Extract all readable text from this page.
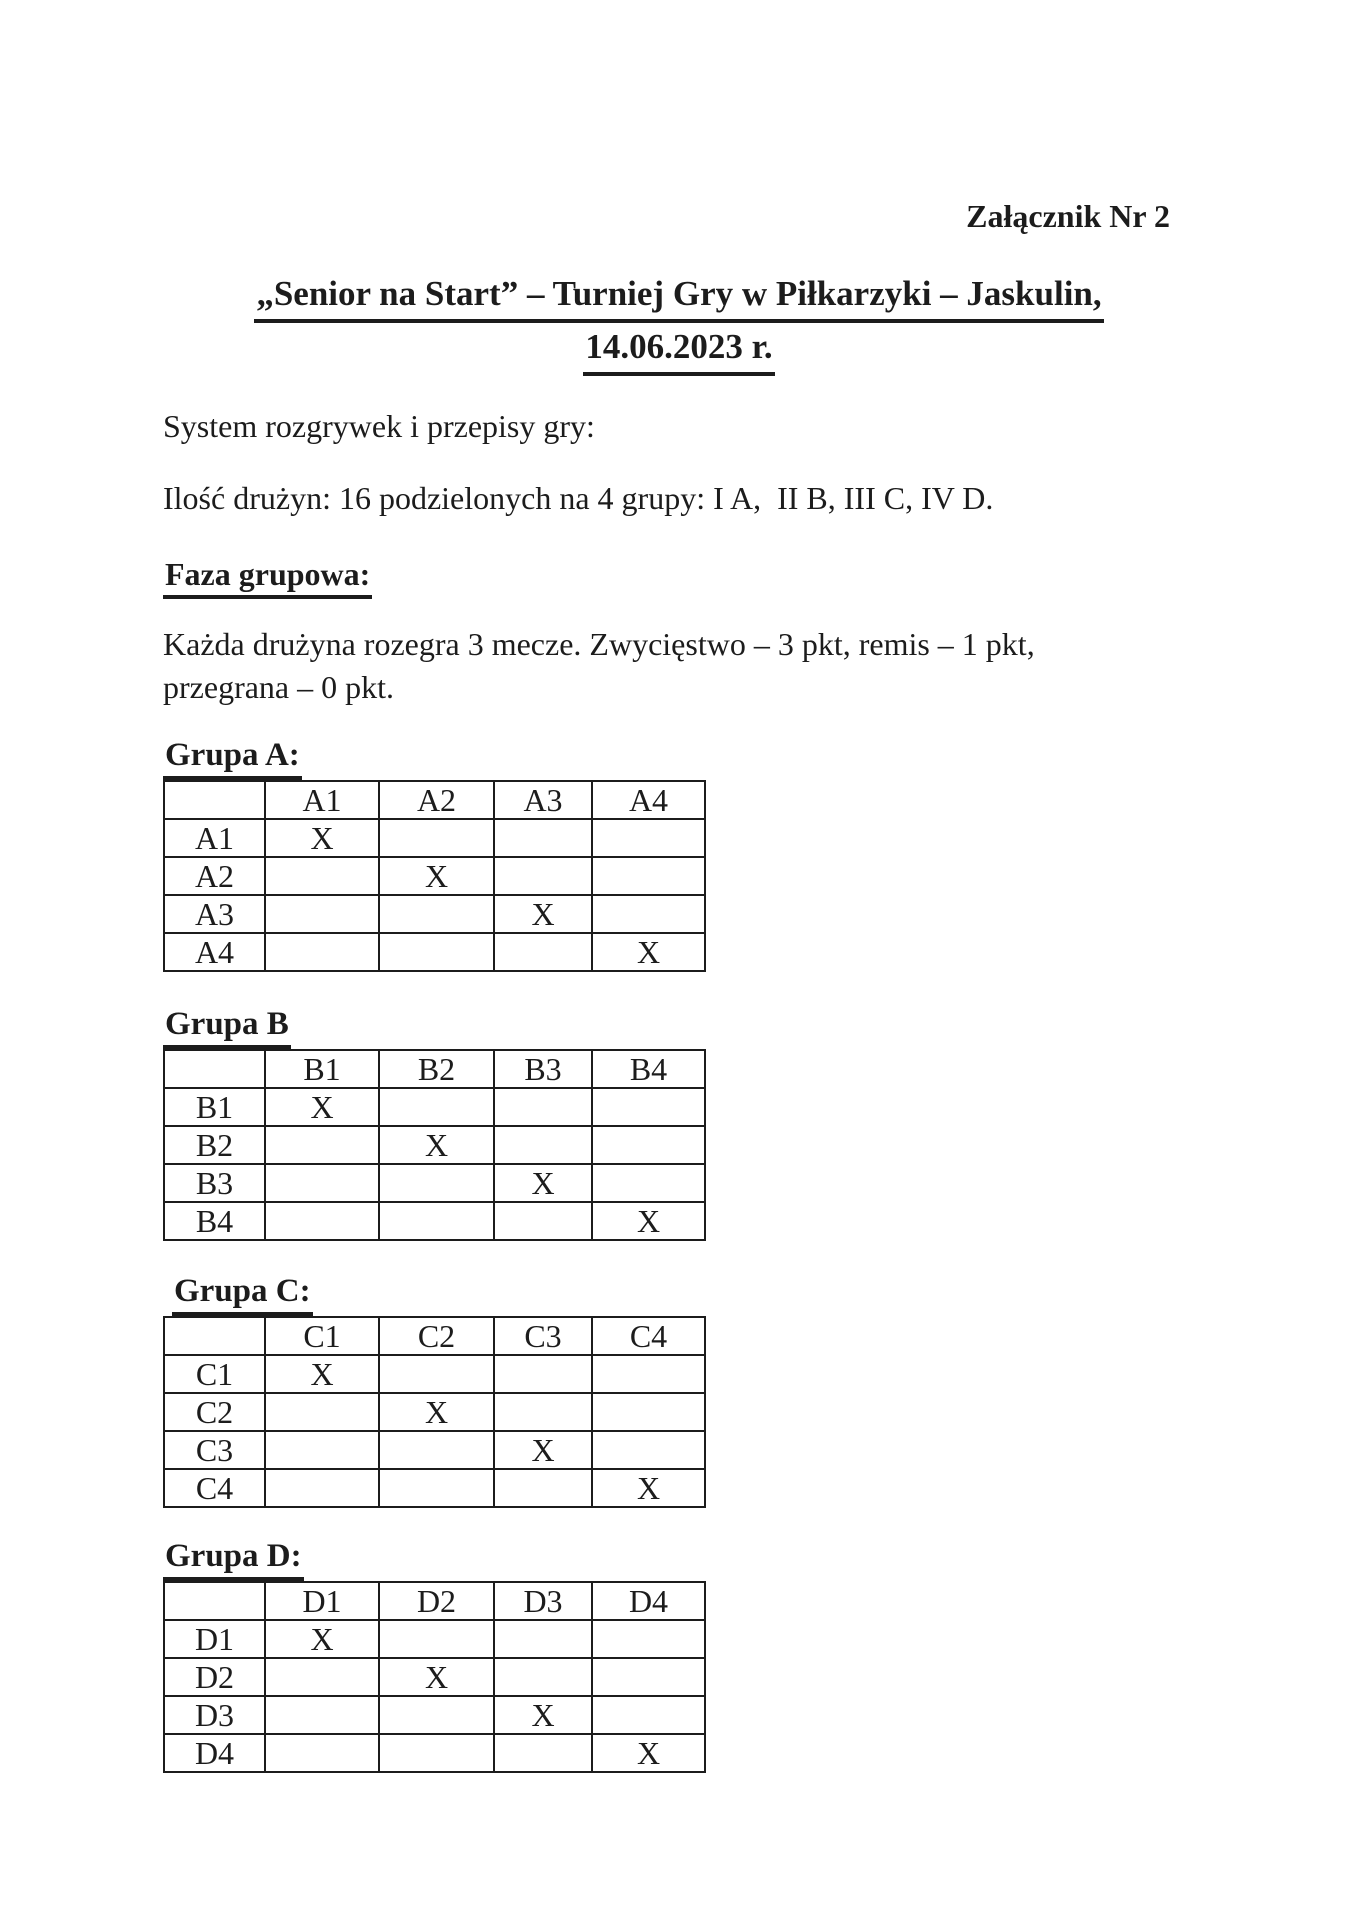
Załącznik Nr 2
„Senior na Start” – Turniej Gry w Piłkarzyki – Jaskulin,
14.06.2023 r.
System rozgrywek i przepisy gry:
Ilość drużyn: 16 podzielonych na 4 grupy: I A,  II B, III C, IV D.
Faza grupowa:
Każda drużyna rozegra 3 mecze. Zwycięstwo – 3 pkt, remis – 1 pkt,
przegrana – 0 pkt.
Grupa A:
	A1	A2	A3	A4
A1	X			
A2		X		
A3			X	
A4				X
Grupa B
	B1	B2	B3	B4
B1	X			
B2		X		
B3			X	
B4				X
Grupa C:
	C1	C2	C3	C4
C1	X			
C2		X		
C3			X	
C4				X
Grupa D:
	D1	D2	D3	D4
D1	X			
D2		X		
D3			X	
D4				X
